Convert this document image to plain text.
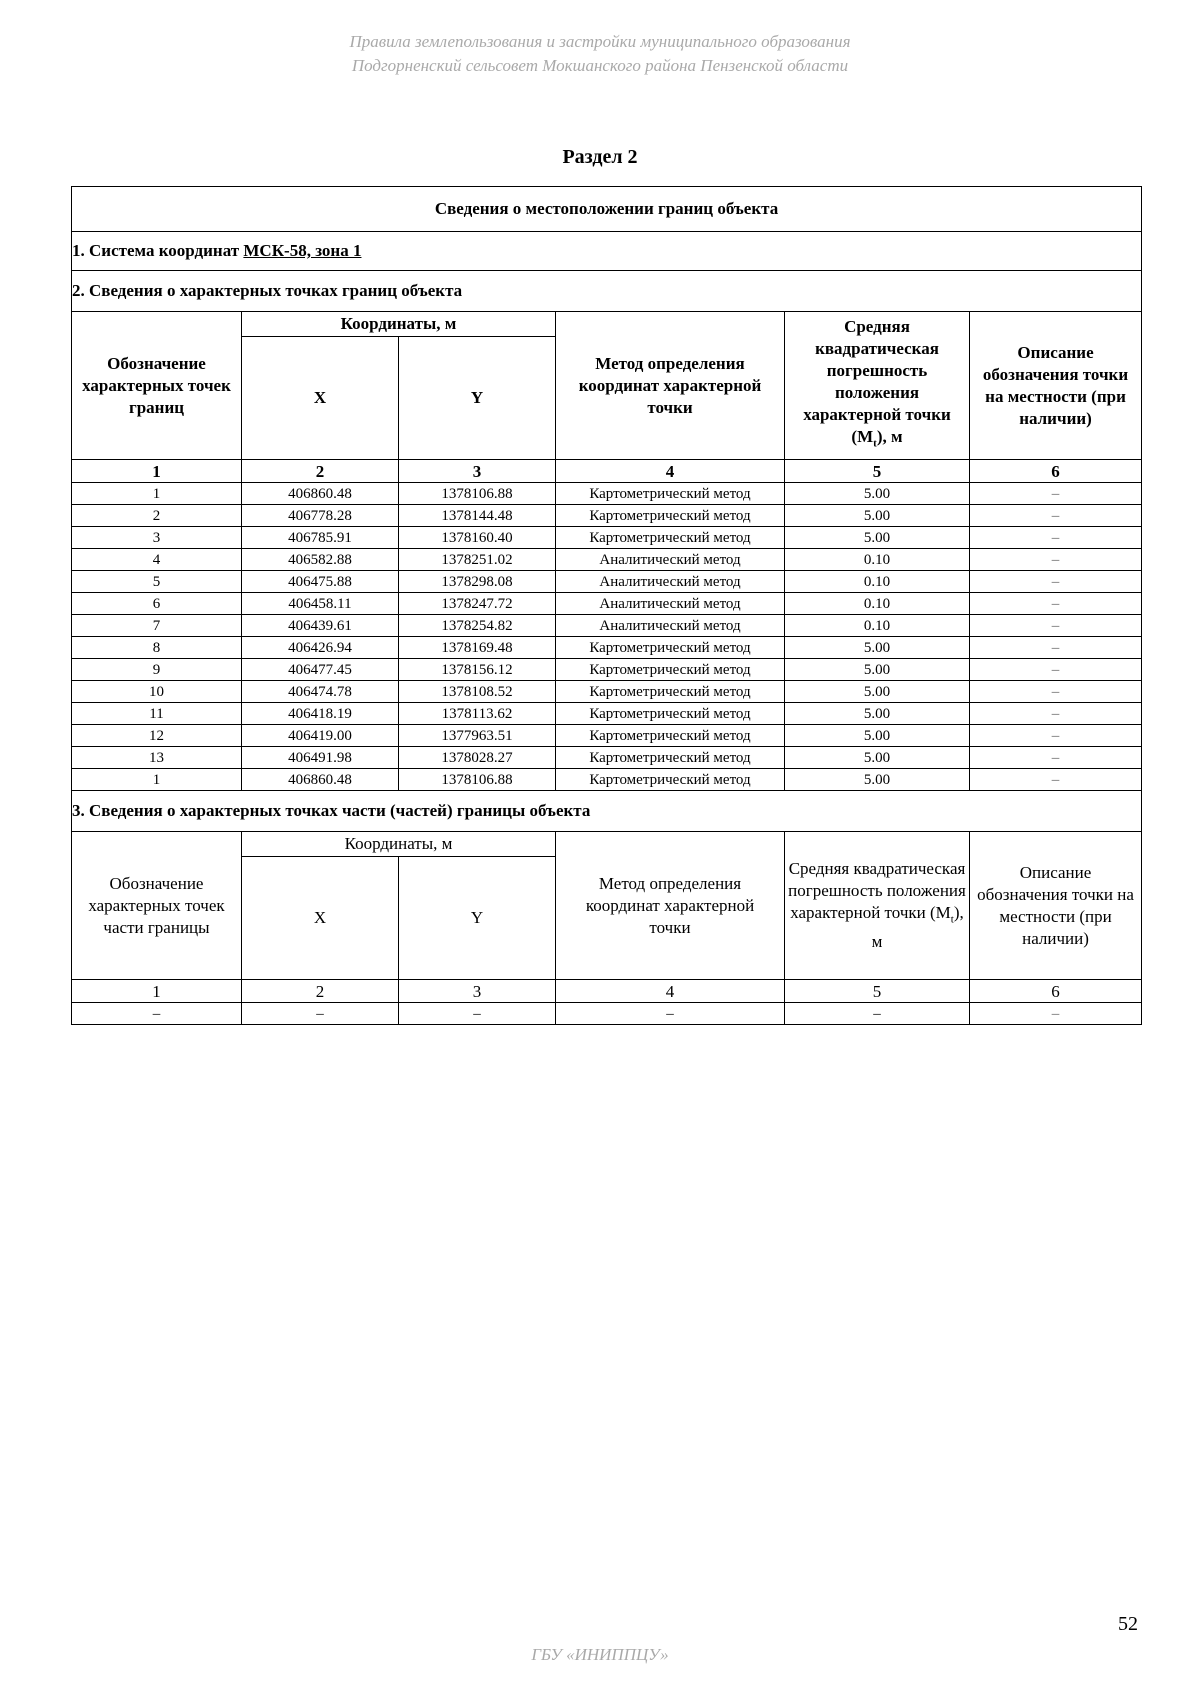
Правила землепользования и застройки муниципального образования
Подгорненский сельсовет Мокшанского района Пензенской области
Раздел 2
Сведения о местоположении границ объекта					
1. Система координат МСК-58, зона 1					
2. Сведения о характерных точках границ объекта					
Обозначение характерных точек границ	Координаты, м		Метод определения координат характерной точки	Средняя квадратическая погрешность положения характерной точки $(M_t)$, м	Описание обозначения точки на местности (при наличии)
	X	Y			
1	2	3	4	5	6
1	406860.48	1378106.88	Картометрический метод	5.00	–
2	406778.28	1378144.48	Картометрический метод	5.00	–
3	406785.91	1378160.40	Картометрический метод	5.00	–
4	406582.88	1378251.02	Аналитический метод	0.10	–
5	406475.88	1378298.08	Аналитический метод	0.10	–
6	406458.11	1378247.72	Аналитический метод	0.10	–
7	406439.61	1378254.82	Аналитический метод	0.10	–
8	406426.94	1378169.48	Картометрический метод	5.00	–
9	406477.45	1378156.12	Картометрический метод	5.00	–
10	406474.78	1378108.52	Картометрический метод	5.00	–
11	406418.19	1378113.62	Картометрический метод	5.00	–
12	406419.00	1377963.51	Картометрический метод	5.00	–
13	406491.98	1378028.27	Картометрический метод	5.00	–
1	406860.48	1378106.88	Картометрический метод	5.00	–
3. Сведения о характерных точках части (частей) границы объекта					
Обозначение характерных точек части границы	Координаты, м		Метод определения координат характерной точки	Средняя квадратическая погрешность положения характерной точки $(M_t)$, м	Описание обозначения точки на местности (при наличии)
	X	Y			
1	2	3	4	5	6
–	–	–	–	–	–
52
ГБУ «ИНИППЦУ»
